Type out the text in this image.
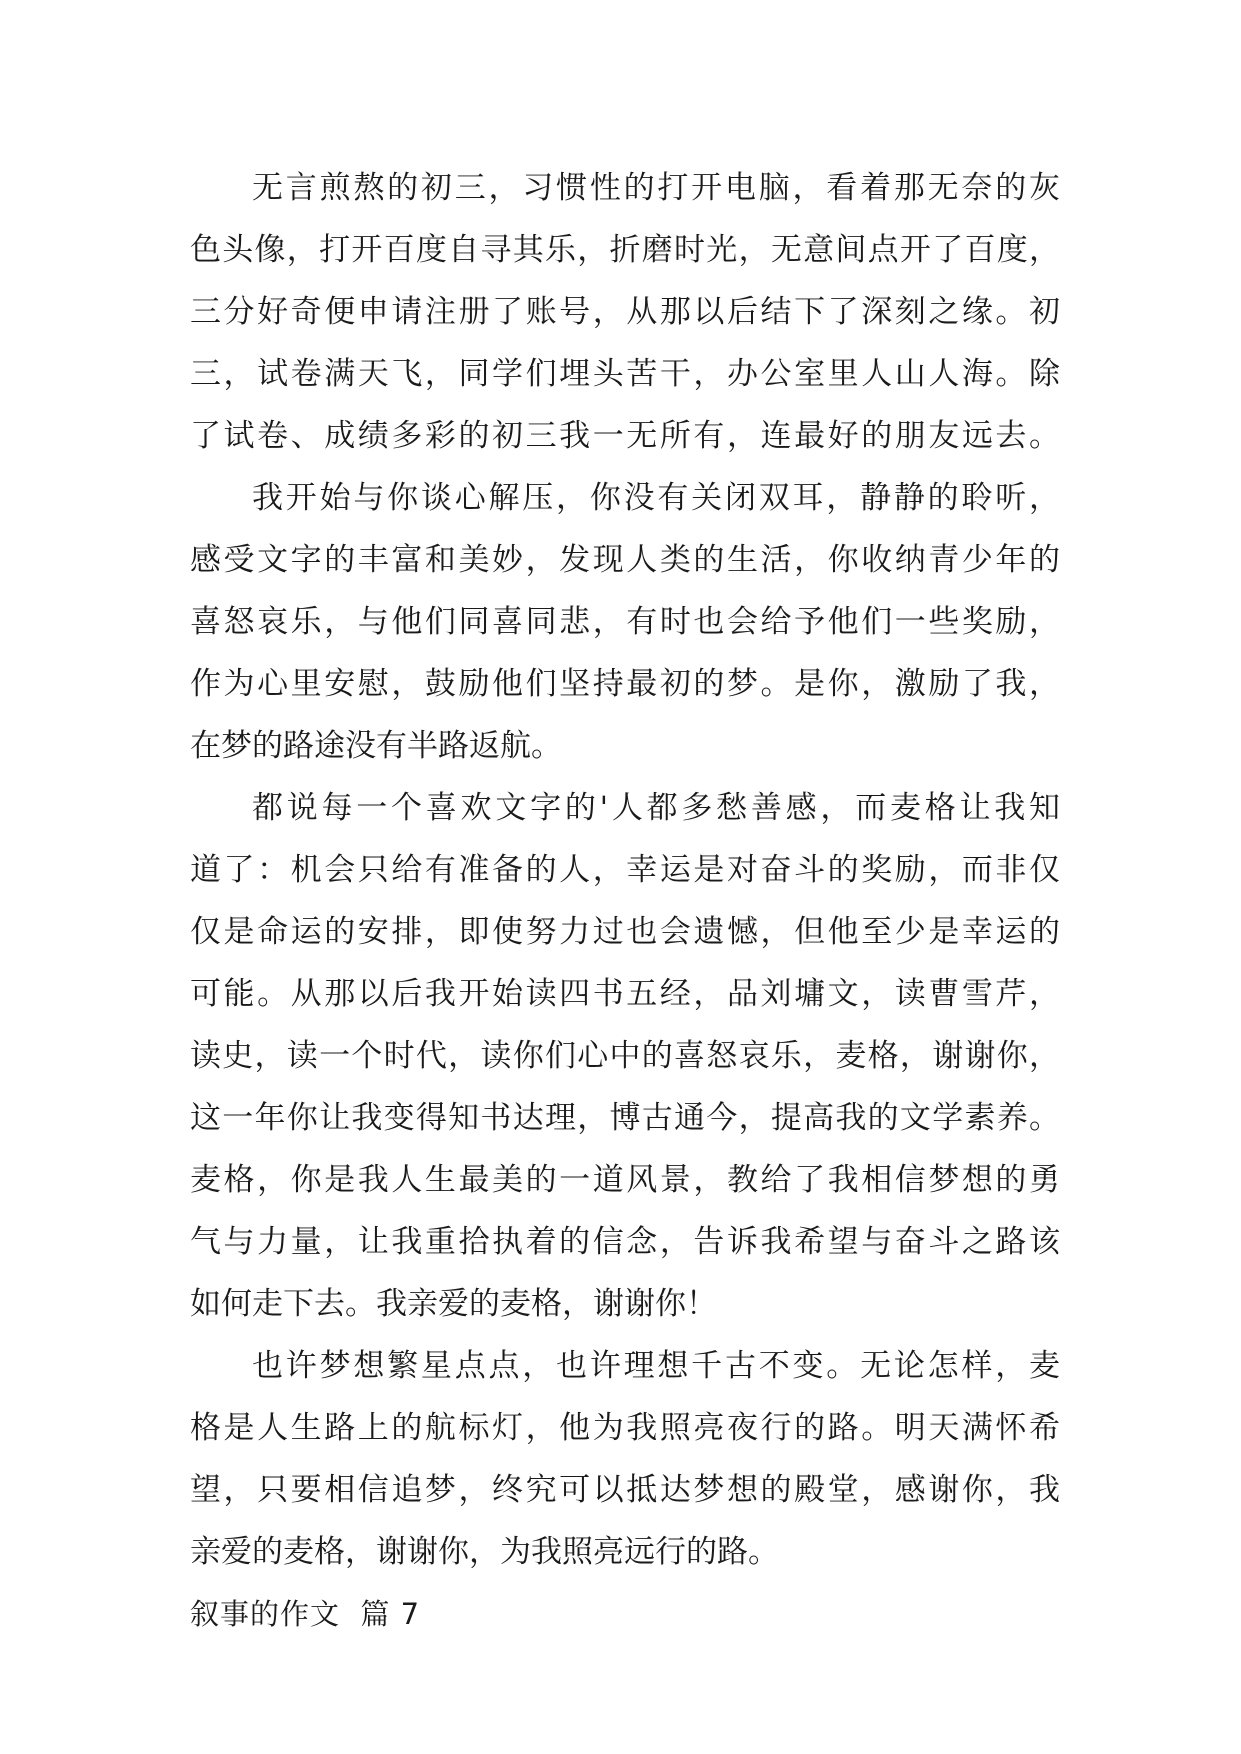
无言煎熬的初三，习惯性的打开电脑，看着那无奈的灰
色头像，打开百度自寻其乐，折磨时光，无意间点开了百度，
三分好奇便申请注册了账号，从那以后结下了深刻之缘。初
三，试卷满天飞，同学们埋头苦干，办公室里人山人海。除
了试卷、成绩多彩的初三我一无所有，连最好的朋友远去。
我开始与你谈心解压，你没有关闭双耳，静静的聆听，
感受文字的丰富和美妙，发现人类的生活，你收纳青少年的
喜怒哀乐，与他们同喜同悲，有时也会给予他们一些奖励，
作为心里安慰，鼓励他们坚持最初的梦。是你，激励了我，
在梦的路途没有半路返航。
都说每一个喜欢文字的'人都多愁善感，而麦格让我知
道了：机会只给有准备的人，幸运是对奋斗的奖励，而非仅
仅是命运的安排，即使努力过也会遗憾，但他至少是幸运的
可能。从那以后我开始读四书五经，品刘墉文，读曹雪芹，
读史，读一个时代，读你们心中的喜怒哀乐，麦格，谢谢你，
这一年你让我变得知书达理，博古通今，提高我的文学素养。
麦格，你是我人生最美的一道风景，教给了我相信梦想的勇
气与力量，让我重拾执着的信念，告诉我希望与奋斗之路该
如何走下去。我亲爱的麦格，谢谢你！
也许梦想繁星点点，也许理想千古不变。无论怎样，麦
格是人生路上的航标灯，他为我照亮夜行的路。明天满怀希
望，只要相信追梦，终究可以抵达梦想的殿堂，感谢你，我
亲爱的麦格，谢谢你，为我照亮远行的路。
叙事的作文  篇 7
